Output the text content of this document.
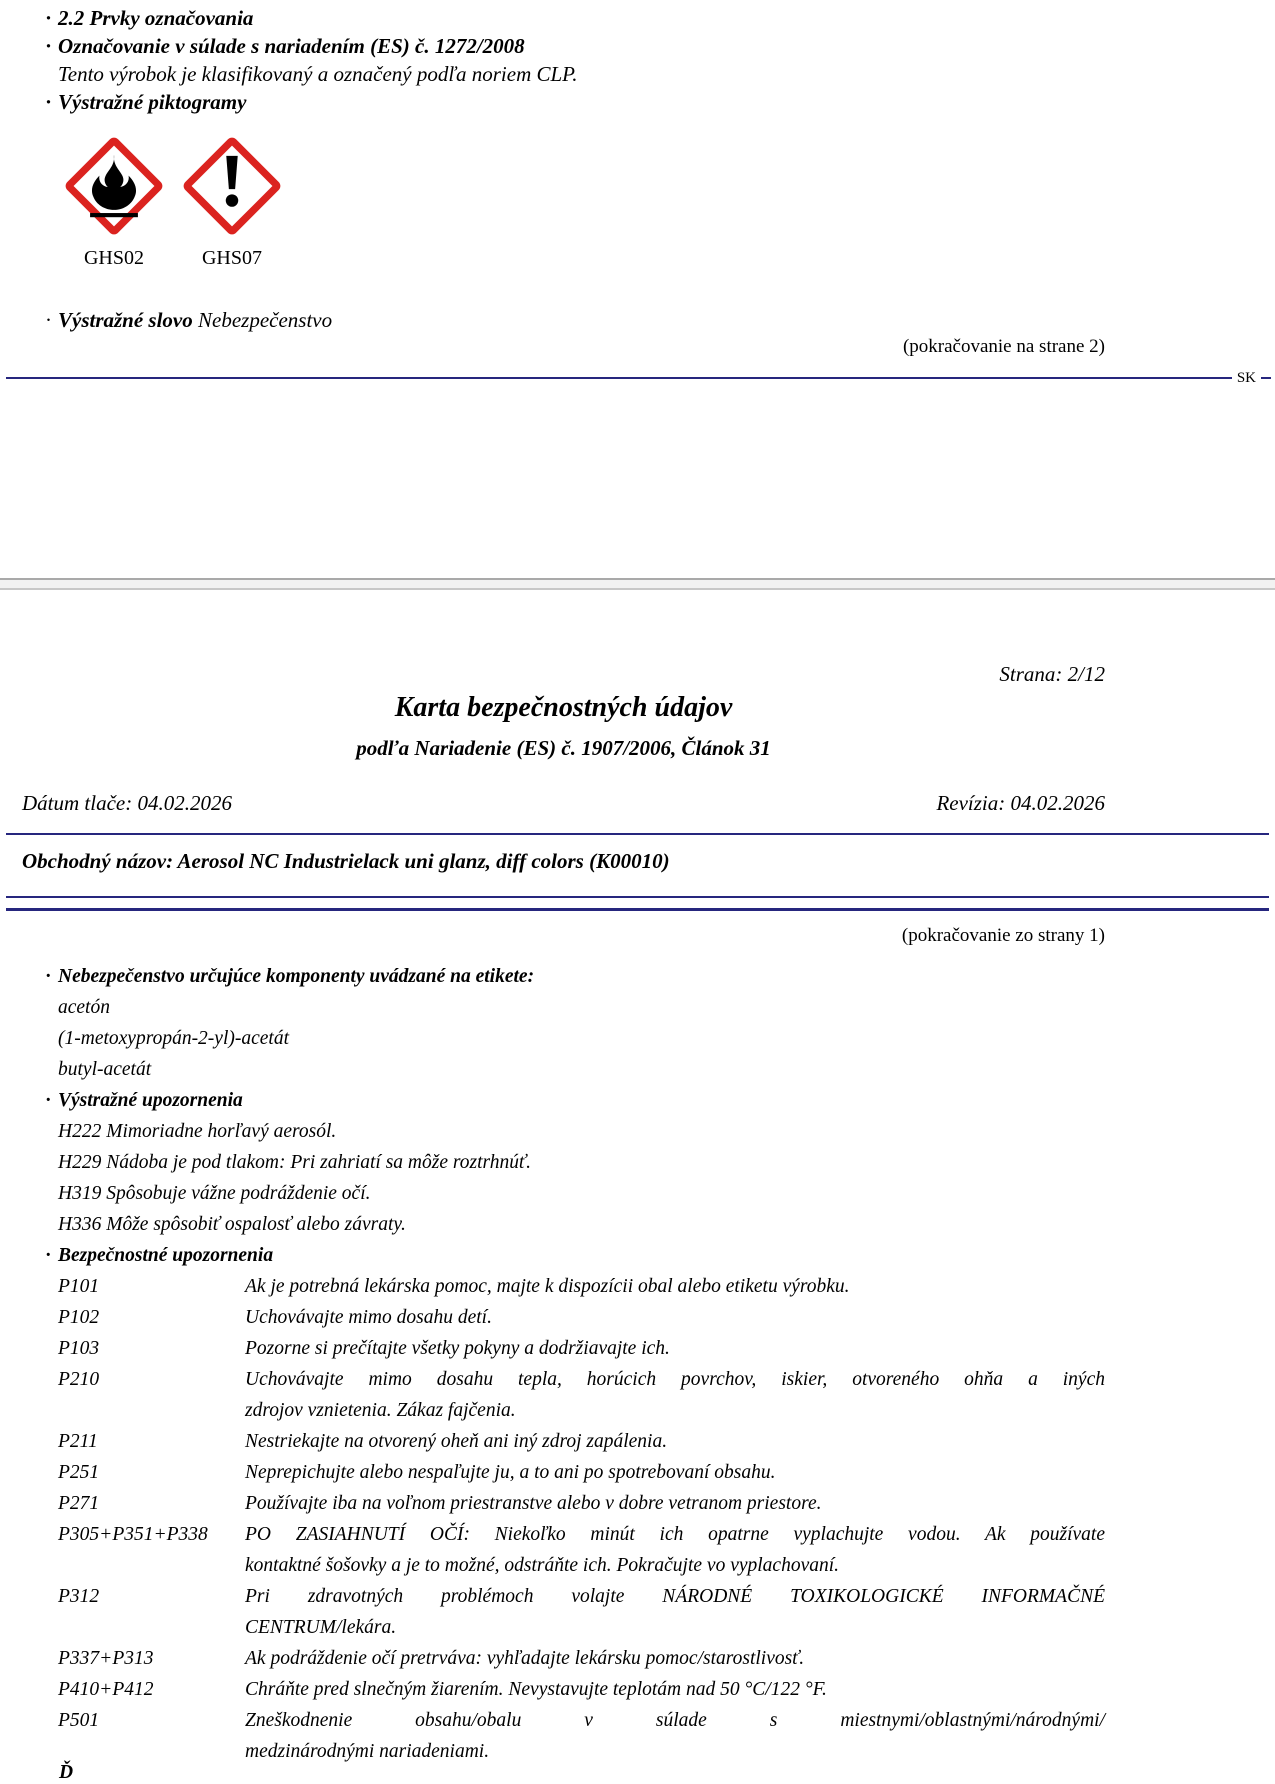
· 2.2 Prvky označovania
· Označovanie v súlade s nariadením (ES) č. 1272/2008
Tento výrobok je klasifikovaný a označený podľa noriem CLP.
· Výstražné piktogramy
GHS02	GHS07
· Výstražné slovo Nebezpečenstvo
(pokračovanie na strane 2)
SK
Strana: 2/12
Karta bezpečnostných údajov
podľa Nariadenie (ES) č. 1907/2006, Článok 31
Dátum tlače: 04.02.2026	Revízia: 04.02.2026
Obchodný názov: Aerosol NC Industrielack uni glanz, diff colors (K00010)
(pokračovanie zo strany 1)
· Nebezpečenstvo určujúce komponenty uvádzané na etikete:
acetón
(1-metoxypropán-2-yl)-acetát
butyl-acetát
· Výstražné upozornenia
H222 Mimoriadne horľavý aerosól.
H229 Nádoba je pod tlakom: Pri zahriatí sa môže roztrhnúť.
H319 Spôsobuje vážne podráždenie očí.
H336 Môže spôsobiť ospalosť alebo závraty.
· Bezpečnostné upozornenia
P101	Ak je potrebná lekárska pomoc, majte k dispozícii obal alebo etiketu výrobku.
P102	Uchovávajte mimo dosahu detí.
P103	Pozorne si prečítajte všetky pokyny a dodržiavajte ich.
P210	Uchovávajte mimo dosahu tepla, horúcich povrchov, iskier, otvoreného ohňa a iných
zdrojov vznietenia. Zákaz fajčenia.
P211	Nestriekajte na otvorený oheň ani iný zdroj zapálenia.
P251	Neprepichujte alebo nespaľujte ju, a to ani po spotrebovaní obsahu.
P271	Používajte iba na voľnom priestranstve alebo v dobre vetranom priestore.
P305+P351+P338	PO ZASIAHNUTÍ OČÍ: Niekoľko minút ich opatrne vyplachujte vodou. Ak používate
kontaktné šošovky a je to možné, odstráňte ich. Pokračujte vo vyplachovaní.
P312	Pri zdravotných problémoch volajte NÁRODNÉ TOXIKOLOGICKÉ INFORMAČNÉ
CENTRUM/lekára.
P337+P313	Ak podráždenie očí pretrváva: vyhľadajte lekársku pomoc/starostlivosť.
P410+P412	Chráňte pred slnečným žiarením. Nevystavujte teplotám nad 50 °C/122 °F.
P501	Zneškodnenie obsahu/obalu v súlade s miestnymi/oblastnými/národnými/
medzinárodnými nariadeniami.
Ď
